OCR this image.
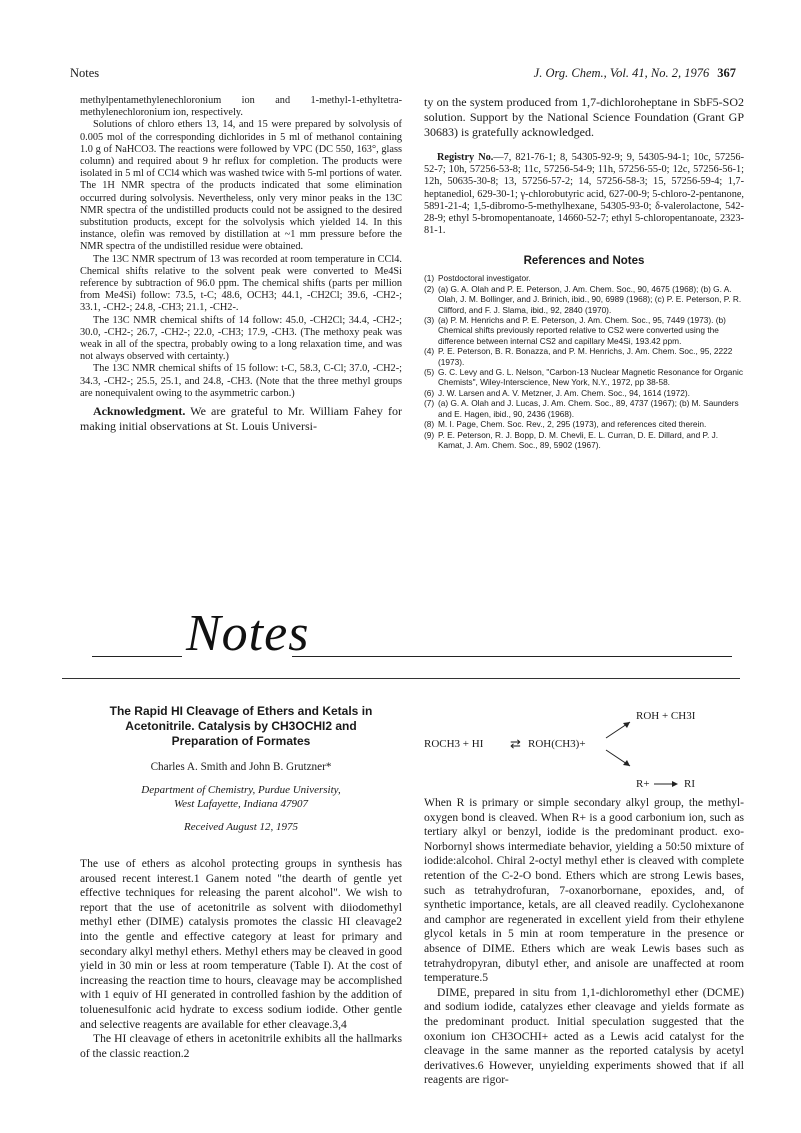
Notes	J. Org. Chem., Vol. 41, No. 2, 1976 367

methylpentamethylenechloronium ion and 1-methyl-1-ethyltetra-methylenechloronium ion, respectively.

Solutions of chloro ethers 13, 14, and 15 were prepared by solvolysis of 0.005 mol of the corresponding dichlorides in 5 ml of methanol containing 1.0 g of NaHCO3. The reactions were followed by VPC (DC 550, 163°, glass column) and required about 9 hr reflux for completion. The products were isolated in 5 ml of CCl4 which was washed twice with 5-ml portions of water. The 1H NMR spectra of the products indicated that some elimination occurred during solvolysis. Nevertheless, only very minor peaks in the 13C NMR spectra of the undistilled products could not be assigned to the desired substitution products, except for the solvolysis which yielded 14. In this instance, olefin was removed by distillation at ~1 mm pressure before the NMR spectra of the undistilled residue were obtained.

The 13C NMR spectrum of 13 was recorded at room temperature in CCl4. Chemical shifts relative to the solvent peak were converted to Me4Si reference by subtraction of 96.0 ppm. The chemical shifts (parts per million from Me4Si) follow: 73.5, t-C; 48.6, OCH3; 44.1, -CH2Cl; 39.6, -CH2-; 33.1, -CH2-; 24.8, -CH3; 21.1, -CH2-.

The 13C NMR chemical shifts of 14 follow: 45.0, -CH2Cl; 34.4, -CH2-; 30.0, -CH2-; 26.7, -CH2-; 22.0, -CH3; 17.9, -CH3. (The methoxy peak was weak in all of the spectra, probably owing to a long relaxation time, and was not always observed with certainty.)

The 13C NMR chemical shifts of 15 follow: t-C, 58.3, C-Cl; 37.0, -CH2-; 34.3, -CH2-; 25.5, 25.1, and 24.8, -CH3. (Note that the three methyl groups are nonequivalent owing to the asymmetric carbon.)

Acknowledgment. We are grateful to Mr. William Fahey for making initial observations at St. Louis Universi-

ty on the system produced from 1,7-dichloroheptane in SbF5-SO2 solution. Support by the National Science Foundation (Grant GP 30683) is gratefully acknowledged.

Registry No.—7, 821-76-1; 8, 54305-92-9; 9, 54305-94-1; 10c, 57256-52-7; 10h, 57256-53-8; 11c, 57256-54-9; 11h, 57256-55-0; 12c, 57256-56-1; 12h, 50635-30-8; 13, 57256-57-2; 14, 57256-58-3; 15, 57256-59-4; 1,7-heptanediol, 629-30-1; γ-chlorobutyric acid, 627-00-9; 5-chloro-2-pentanone, 5891-21-4; 1,5-dibromo-5-methylhexane, 54305-93-0; δ-valerolactone, 542-28-9; ethyl 5-bromopentanoate, 14660-52-7; ethyl 5-chloropentanoate, 2323-81-1.

References and Notes
(1) Postdoctoral investigator.
(2) (a) G. A. Olah and P. E. Peterson, J. Am. Chem. Soc., 90, 4675 (1968); (b) G. A. Olah, J. M. Bollinger, and J. Brinich, ibid., 90, 6989 (1968); (c) P. E. Peterson, P. R. Clifford, and F. J. Slama, ibid., 92, 2840 (1970).
(3) (a) P. M. Henrichs and P. E. Peterson, J. Am. Chem. Soc., 95, 7449 (1973). (b) Chemical shifts previously reported relative to CS2 were converted using the difference between internal CS2 and capillary Me4Si, 193.42 ppm.
(4) P. E. Peterson, B. R. Bonazza, and P. M. Henrichs, J. Am. Chem. Soc., 95, 2222 (1973).
(5) G. C. Levy and G. L. Nelson, "Carbon-13 Nuclear Magnetic Resonance for Organic Chemists", Wiley-Interscience, New York, N.Y., 1972, pp 38-58.
(6) J. W. Larsen and A. V. Metzner, J. Am. Chem. Soc., 94, 1614 (1972).
(7) (a) G. A. Olah and J. Lucas, J. Am. Chem. Soc., 89, 4737 (1967); (b) M. Saunders and E. Hagen, ibid., 90, 2436 (1968).
(8) M. I. Page, Chem. Soc. Rev., 2, 295 (1973), and references cited therein.
(9) P. E. Peterson, R. J. Bopp, D. M. Chevli, E. L. Curran, D. E. Dillard, and P. J. Kamat, J. Am. Chem. Soc., 89, 5902 (1967).
Notes
The Rapid HI Cleavage of Ethers and Ketals in
Acetonitrile. Catalysis by CH3OCHI2 and
Preparation of Formates
Charles A. Smith and John B. Grutzner*
Department of Chemistry, Purdue University,
West Lafayette, Indiana 47907
Received August 12, 1975

The use of ethers as alcohol protecting groups in synthesis has aroused recent interest.1 Ganem noted "the dearth of gentle yet effective techniques for releasing the parent alcohol". We wish to report that the use of acetonitrile as solvent with diiodomethyl methyl ether (DIME) catalysis promotes the classic HI cleavage2 into the gentle and effective category at least for primary and secondary alkyl methyl ethers. Methyl ethers may be cleaved in good yield in 30 min or less at room temperature (Table I). At the cost of increasing the reaction time to hours, cleavage may be accomplished with 1 equiv of HI generated in controlled fashion by the addition of toluenesulfonic acid hydrate to excess sodium iodide. Other gentle and selective reagents are available for ether cleavage.3,4

The HI cleavage of ethers in acetonitrile exhibits all the hallmarks of the classic reaction.2

ROCH3 + HI ⇄ ROH(CH3)+
ROH + CH3I
R+	RI

When R is primary or simple secondary alkyl group, the methyl-oxygen bond is cleaved. When R+ is a good carbonium ion, such as tertiary alkyl or benzyl, iodide is the predominant product. exo-Norbornyl shows intermediate behavior, yielding a 50:50 mixture of iodide:alcohol. Chiral 2-octyl methyl ether is cleaved with complete retention of the C-2-O bond. Ethers which are strong Lewis bases, such as tetrahydrofuran, 7-oxanorbornane, epoxides, and, of synthetic importance, ketals, are all cleaved readily. Cyclohexanone and camphor are regenerated in excellent yield from their ethylene glycol ketals in 5 min at room temperature in the presence or absence of DIME. Ethers which are weak Lewis bases such as tetrahydropyran, dibutyl ether, and anisole are unaffected at room temperature.5

DIME, prepared in situ from 1,1-dichloromethyl ether (DCME) and sodium iodide, catalyzes ether cleavage and yields formate as the predominant product. Initial speculation suggested that the oxonium ion CH3OCHI+ acted as a Lewis acid catalyst for the cleavage in the same manner as the reported catalysis by acetyl derivatives.6 However, unyielding experiments showed that if all reagents are rigor-
